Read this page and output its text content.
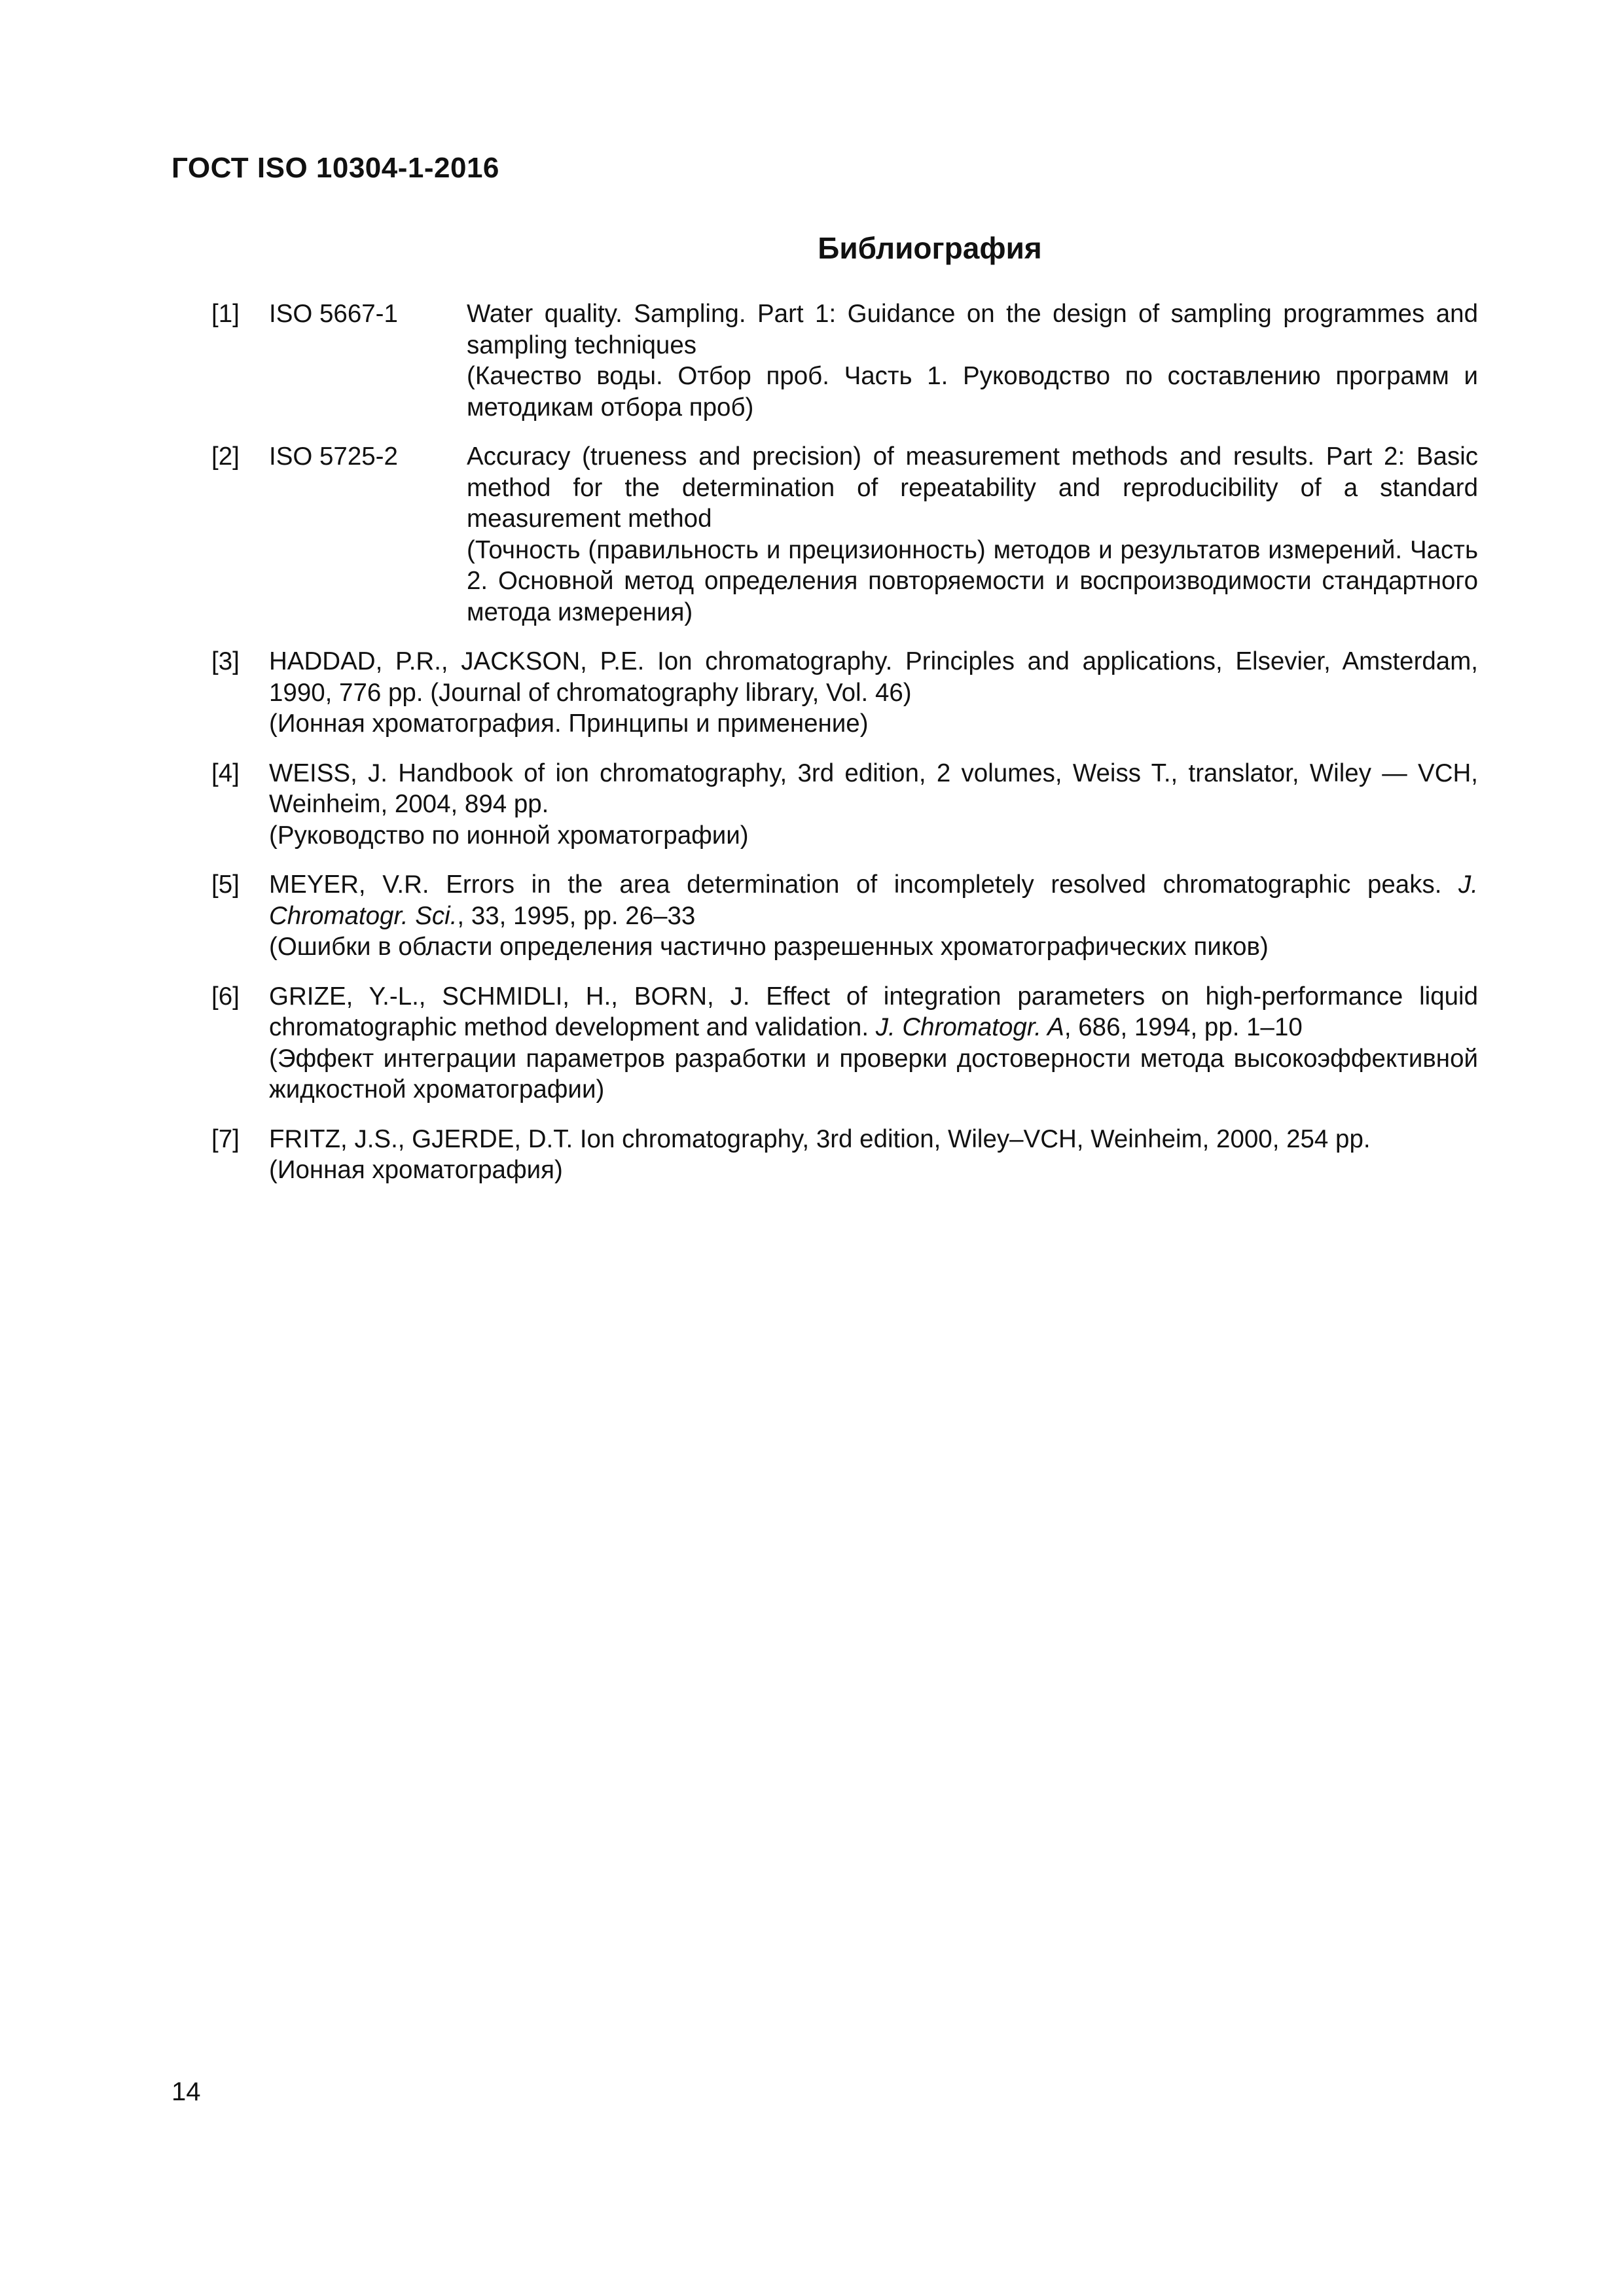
ГОСТ ISO 10304-1-2016
Библиография
[1] ISO 5667-1	Water quality. Sampling. Part 1: Guidance on the design of sampling programmes and sampling techniques
(Качество воды. Отбор проб. Часть 1. Руководство по составлению программ и методикам отбора проб)
[2] ISO 5725-2	Accuracy (trueness and precision) of measurement methods and results. Part 2: Basic method for the determination of repeatability and reproducibility of a standard measurement method
(Точность (правильность и прецизионность) методов и результатов измерений. Часть 2. Основной метод определения повторяемости и воспроизводимости стандартного метода измерения)
[3] HADDAD, P.R., JACKSON, P.E. Ion chromatography. Principles and applications, Elsevier, Amsterdam, 1990, 776 pp. (Journal of chromatography library, Vol. 46)
(Ионная хроматография. Принципы и применение)
[4] WEISS, J. Handbook of ion chromatography, 3rd edition, 2 volumes, Weiss T., translator, Wiley — VCH, Weinheim, 2004, 894 pp.
(Руководство по ионной хроматографии)
[5] MEYER, V.R. Errors in the area determination of incompletely resolved chromatographic peaks. J. Chromatogr. Sci., 33, 1995, pp. 26–33
(Ошибки в области определения частично разрешенных хроматографических пиков)
[6] GRIZE, Y.-L., SCHMIDLI, H., BORN, J. Effect of integration parameters on high-performance liquid chromatographic method development and validation. J. Chromatogr. A, 686, 1994, pp. 1–10
(Эффект интеграции параметров разработки и проверки достоверности метода высокоэффективной жидкостной хроматографии)
[7] FRITZ, J.S., GJERDE, D.T. Ion chromatography, 3rd edition, Wiley–VCH, Weinheim, 2000, 254 pp.
(Ионная хроматография)
14
